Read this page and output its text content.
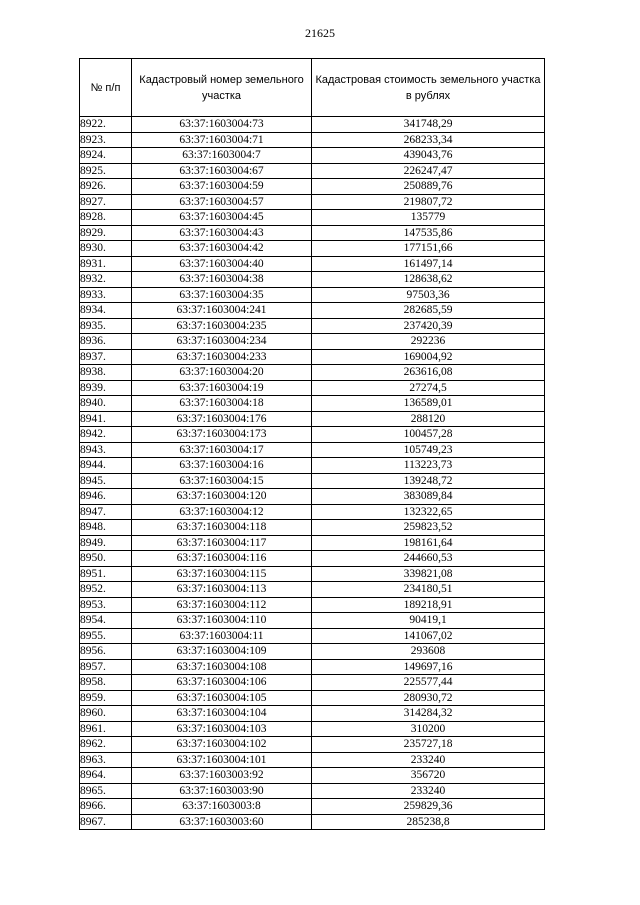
21625
№ п/п	Кадастровый номер земельного участка	Кадастровая стоимость земельного участка в рублях
8922.	63:37:1603004:73	341748,29
8923.	63:37:1603004:71	268233,34
8924.	63:37:1603004:7	439043,76
8925.	63:37:1603004:67	226247,47
8926.	63:37:1603004:59	250889,76
8927.	63:37:1603004:57	219807,72
8928.	63:37:1603004:45	135779
8929.	63:37:1603004:43	147535,86
8930.	63:37:1603004:42	177151,66
8931.	63:37:1603004:40	161497,14
8932.	63:37:1603004:38	128638,62
8933.	63:37:1603004:35	97503,36
8934.	63:37:1603004:241	282685,59
8935.	63:37:1603004:235	237420,39
8936.	63:37:1603004:234	292236
8937.	63:37:1603004:233	169004,92
8938.	63:37:1603004:20	263616,08
8939.	63:37:1603004:19	27274,5
8940.	63:37:1603004:18	136589,01
8941.	63:37:1603004:176	288120
8942.	63:37:1603004:173	100457,28
8943.	63:37:1603004:17	105749,23
8944.	63:37:1603004:16	113223,73
8945.	63:37:1603004:15	139248,72
8946.	63:37:1603004:120	383089,84
8947.	63:37:1603004:12	132322,65
8948.	63:37:1603004:118	259823,52
8949.	63:37:1603004:117	198161,64
8950.	63:37:1603004:116	244660,53
8951.	63:37:1603004:115	339821,08
8952.	63:37:1603004:113	234180,51
8953.	63:37:1603004:112	189218,91
8954.	63:37:1603004:110	90419,1
8955.	63:37:1603004:11	141067,02
8956.	63:37:1603004:109	293608
8957.	63:37:1603004:108	149697,16
8958.	63:37:1603004:106	225577,44
8959.	63:37:1603004:105	280930,72
8960.	63:37:1603004:104	314284,32
8961.	63:37:1603004:103	310200
8962.	63:37:1603004:102	235727,18
8963.	63:37:1603004:101	233240
8964.	63:37:1603003:92	356720
8965.	63:37:1603003:90	233240
8966.	63:37:1603003:8	259829,36
8967.	63:37:1603003:60	285238,8
